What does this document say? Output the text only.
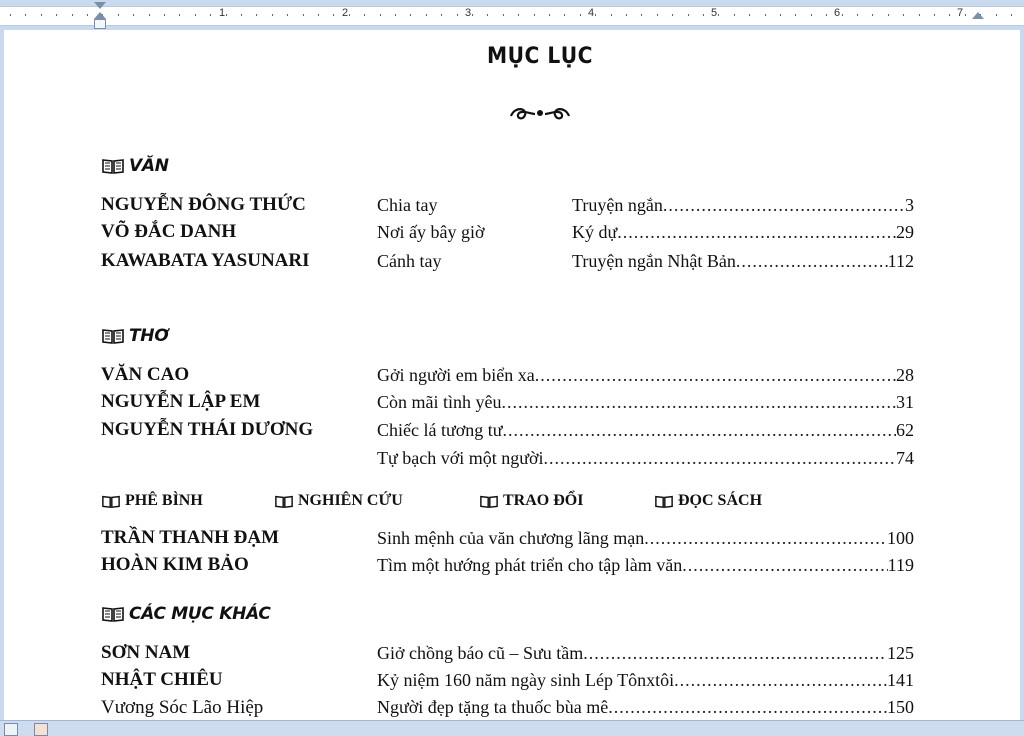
1	2	3	4	5	6	7
MỤC LỤC
VĂN
NGUYỄN ĐÔNG THỨC	Chia tay	Truyện ngắn .....	3
VÕ ĐẮC DANH	Nơi ấy bây giờ	Ký dự .....	29
KAWABATA YASUNARI	Cánh tay	Truyện ngắn Nhật Bản .....	112
THƠ
VĂN CAO	Gởi người em biển xa .....	28
NGUYỄN LẬP EM	Còn mãi tình yêu .....	31
NGUYỄN THÁI DƯƠNG	Chiếc lá tương tư .....	62
Tự bạch với một người .....	74
PHÊ BÌNH	NGHIÊN CỨU	TRAO ĐỔI	ĐỌC SÁCH
TRẦN THANH ĐẠM	Sinh mệnh của văn chương lãng mạn .....	100
HOÀN KIM BẢO	Tìm một hướng phát triển cho tập làm văn .....	119
CÁC MỤC KHÁC
SƠN NAM	Giở chồng báo cũ – Sưu tầm .....	125
NHẬT CHIÊU	Kỷ niệm 160 năm ngày sinh Lép Tônxtôi .....	141
Vương Sóc Lão Hiệp	Người đẹp tặng ta thuốc bùa mê .....	150
